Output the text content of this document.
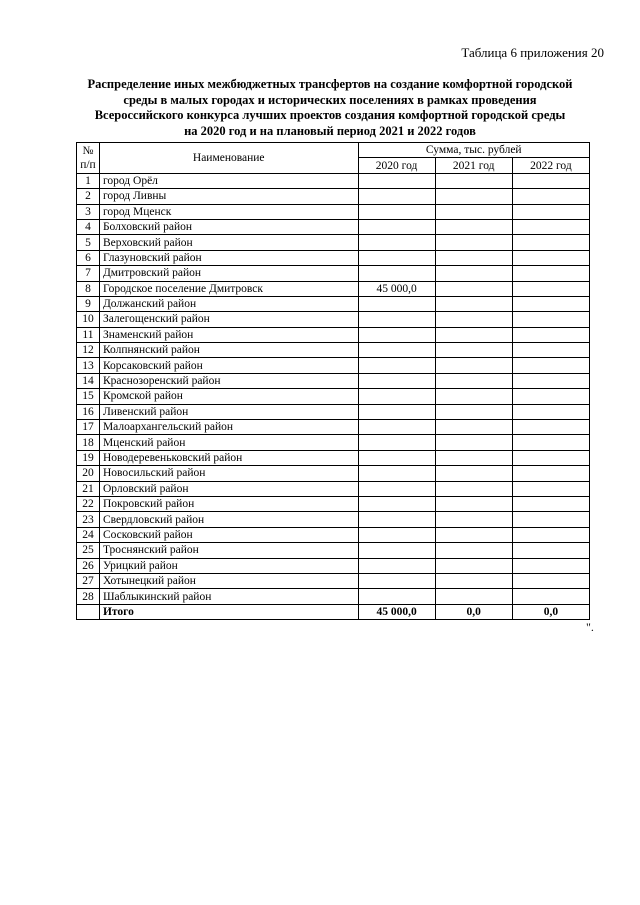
Таблица 6 приложения 20
Распределение иных межбюджетных трансфертов на создание комфортной городской
среды в малых городах и исторических поселениях в рамках проведения
Всероссийского конкурса лучших проектов создания комфортной городской среды
на 2020 год и на плановый период 2021 и 2022 годов
№
п/п	Наименование	Сумма, тыс. рублей		
		2020 год	2021 год	2022 год
1	город Орёл			
2	город Ливны			
3	город Мценск			
4	Болховский район			
5	Верховский район			
6	Глазуновский район			
7	Дмитровский район			
8	Городское поселение Дмитровск	45 000,0		
9	Должанский район			
10	Залегощенский район			
11	Знаменский район			
12	Колпнянский район			
13	Корсаковский район			
14	Краснозоренский район			
15	Кромской район			
16	Ливенский район			
17	Малоархангельский район			
18	Мценский район			
19	Новодеревеньковский район			
20	Новосильский район			
21	Орловский район			
22	Покровский район			
23	Свердловский район			
24	Сосковский район			
25	Троснянский район			
26	Урицкий район			
27	Хотынецкий район			
28	Шаблыкинский район			
	Итого	45 000,0	0,0	0,0
".
